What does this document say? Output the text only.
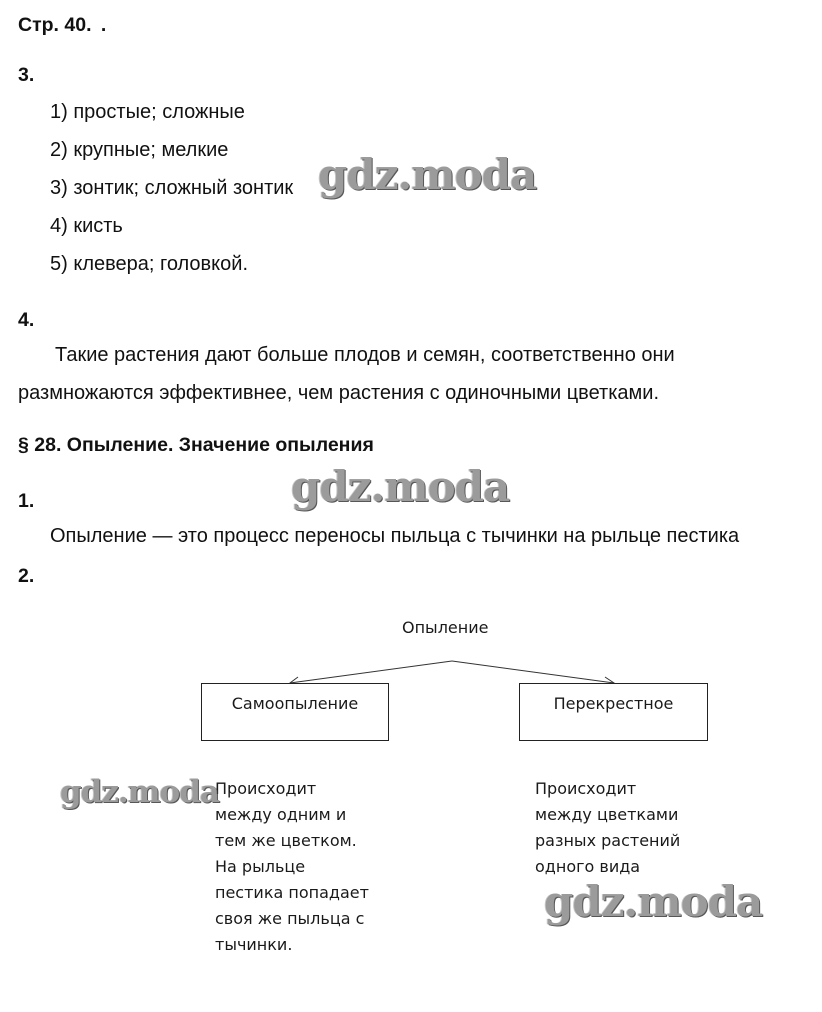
Стр. 40. .
3.
1) простые; сложные
2) крупные; мелкие
3) зонтик; сложный зонтик
4) кисть
5) клевера; головкой.
4.
Такие растения дают больше плодов и семян, соответственно они
размножаются эффективнее, чем растения с одиночными цветками.
§ 28. Опыление. Значение опыления
1.
Опыление — это процесс переносы пыльца с тычинки на рыльце пестика
2.
Опыление
Самоопыление	Перекрестное
Происходит
между одним и
тем же цветком.
На рыльце
пестика попадает
своя же пыльца с
тычинки.
Происходит
между цветками
разных растений
одного вида
gdz.moda
gdz.moda
gdz.moda
gdz.moda
